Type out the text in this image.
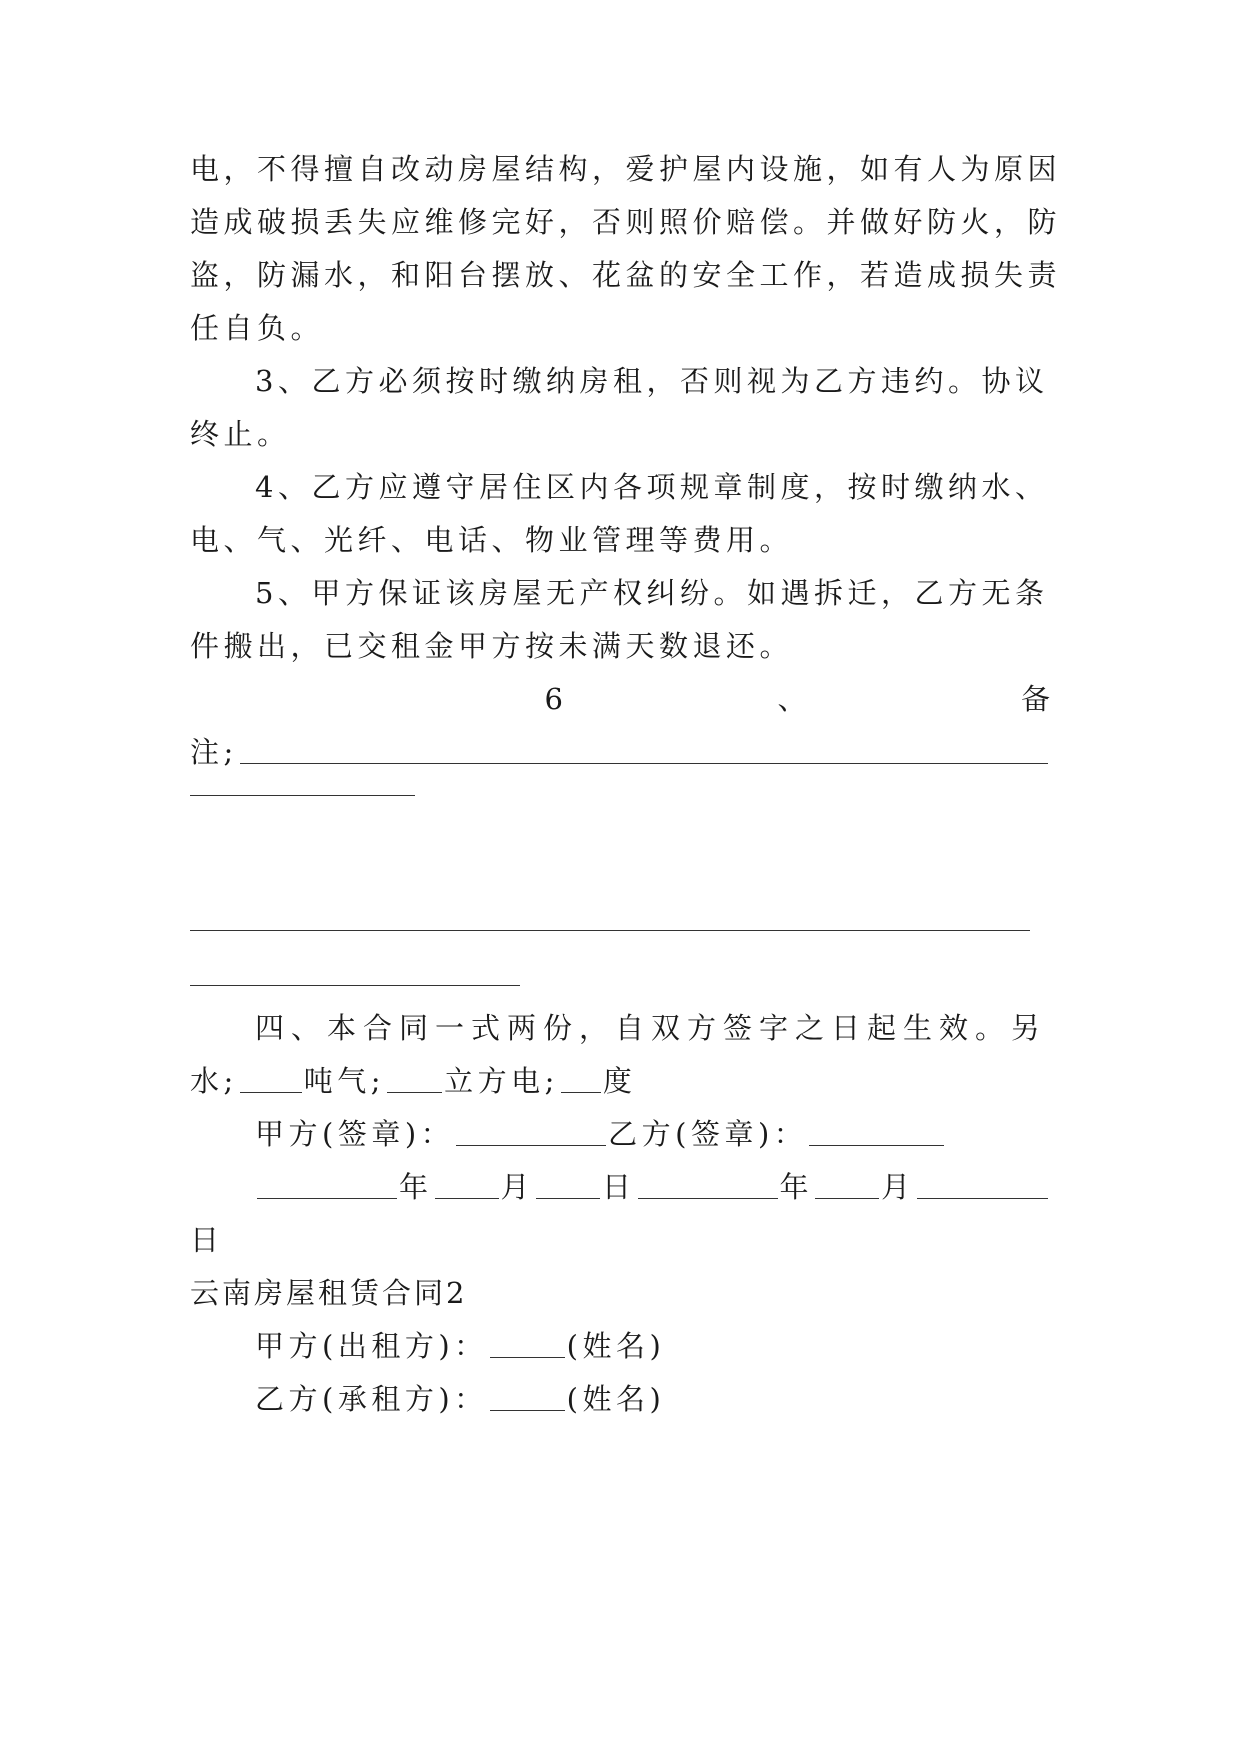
电，不得擅自改动房屋结构，爱护屋内设施，如有人为原因
造成破损丢失应维修完好，否则照价赔偿。并做好防火，防
盗，防漏水，和阳台摆放、花盆的安全工作，若造成损失责
任自负。
3、乙方必须按时缴纳房租，否则视为乙方违约。协议
终止。
4、乙方应遵守居住区内各项规章制度，按时缴纳水、
电、气、光纤、电话、物业管理等费用。
5、甲方保证该房屋无产权纠纷。如遇拆迁，乙方无条
件搬出，已交租金甲方按未满天数退还。
6	、	备
注;
四、本合同一式两份，自双方签字之日起生效。另
水; 吨气; 立方电; 度
甲方(签章)：	乙方(签章)：
年 月 日	年 月
日
云南房屋租赁合同2
甲方(出租方)：	(姓名)
乙方(承租方)：	(姓名)
